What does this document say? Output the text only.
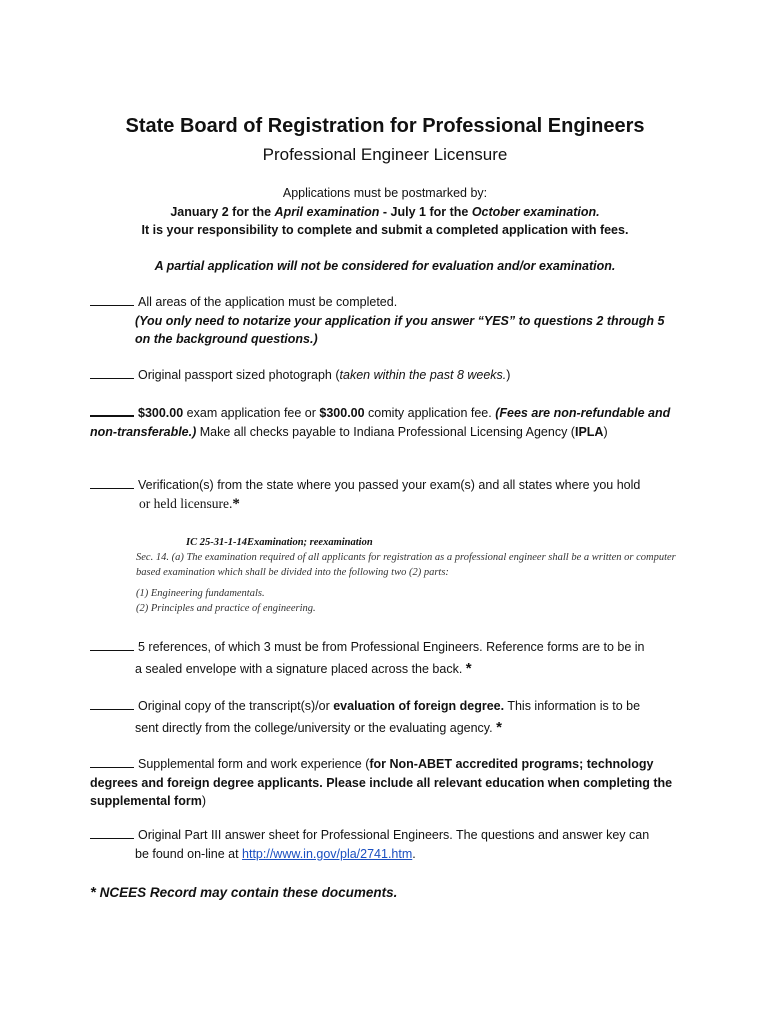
State Board of Registration for Professional Engineers
Professional Engineer Licensure
Applications must be postmarked by:
January 2 for the April examination - July 1 for the October examination.
It is your responsibility to complete and submit a completed application with fees.
A partial application will not be considered for evaluation and/or examination.
All areas of the application must be completed.
(You only need to notarize your application if you answer “YES” to questions 2 through 5 on the background questions.)
Original passport sized photograph (taken within the past 8 weeks.)
$300.00 exam application fee or $300.00 comity application fee. (Fees are non-refundable and non-transferable.) Make all checks payable to Indiana Professional Licensing Agency (IPLA)
Verification(s) from the state where you passed your exam(s) and all states where you hold
or held licensure.*
IC 25-31-1-14Examination; reexamination
Sec. 14. (a) The examination required of all applicants for registration as a professional engineer shall be a written or computer based examination which shall be divided into the following two (2) parts:
(1) Engineering fundamentals.
(2) Principles and practice of engineering.
5 references, of which 3 must be from Professional Engineers. Reference forms are to be in
a sealed envelope with a signature placed across the back. *
Original copy of the transcript(s)/or evaluation of foreign degree. This information is to be
sent directly from the college/university or the evaluating agency. *
Supplemental form and work experience (for Non-ABET accredited programs; technology degrees and foreign degree applicants. Please include all relevant education when completing the supplemental form)
Original Part III answer sheet for Professional Engineers. The questions and answer key can
be found on-line at http://www.in.gov/pla/2741.htm.
* NCEES Record may contain these documents.
